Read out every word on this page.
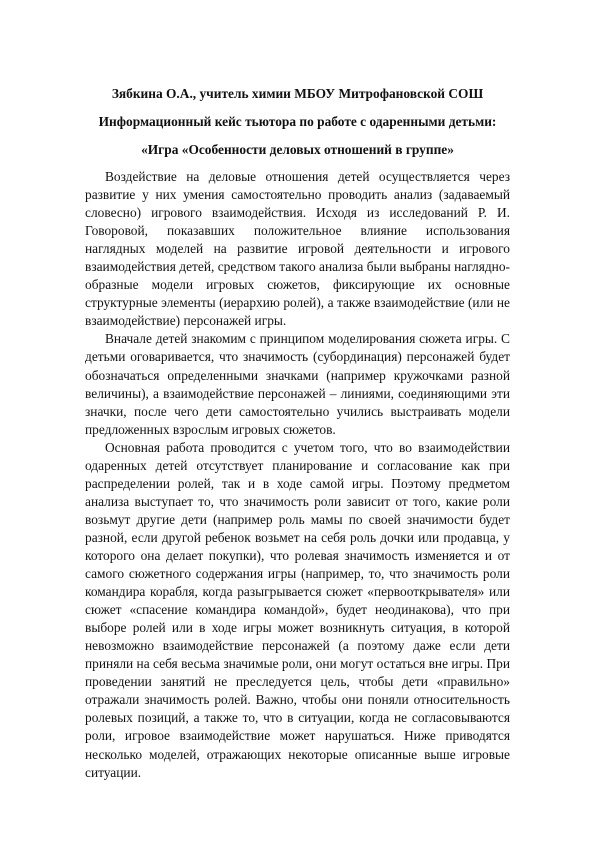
Зябкина О.А., учитель химии МБОУ Митрофановской СОШ

Информационный кейс тьютора по работе с одаренными детьми:

«Игра «Особенности деловых отношений в группе»

Воздействие на деловые отношения детей осуществляется через развитие у них умения самостоятельно проводить анализ (задаваемый словесно) игрового взаимодействия. Исходя из исследований Р. И. Говоровой, показавших положительное влияние использования наглядных моделей на развитие игровой деятельности и игрового взаимодействия детей, средством такого анализа были выбраны наглядно-образные модели игровых сюжетов, фиксирующие их основные структурные элементы (иерархию ролей), а также взаимодействие (или не взаимодействие) персонажей игры.

Вначале детей знакомим с принципом моделирования сюжета игры. С детьми оговаривается, что значимость (субординация) персонажей будет обозначаться определенными значками (например кружочками разной величины), а взаимодействие персонажей – линиями, соединяющими эти значки, после чего дети самостоятельно учились выстраивать модели предложенных взрослым игровых сюжетов.

Основная работа проводится с учетом того, что во взаимодействии одаренных детей отсутствует планирование и согласование как при распределении ролей, так и в ходе самой игры. Поэтому предметом анализа выступает то, что значимость роли зависит от того, какие роли возьмут другие дети (например роль мамы по своей значимости будет разной, если другой ребенок возьмет на себя роль дочки или продавца, у которого она делает покупки), что ролевая значимость изменяется и от самого сюжетного содержания игры (например, то, что значимость роли командира корабля, когда разыгрывается сюжет «первооткрывателя» или сюжет «спасение командира командой», будет неодинакова), что при выборе ролей или в ходе игры может возникнуть ситуация, в которой невозможно взаимодействие персонажей (а поэтому даже если дети приняли на себя весьма значимые роли, они могут остаться вне игры. При проведении занятий не преследуется цель, чтобы дети «правильно» отражали значимость ролей. Важно, чтобы они поняли относительность ролевых позиций, а также то, что в ситуации, когда не согласовываются роли, игровое взаимодействие может нарушаться. Ниже приводятся несколько моделей, отражающих некоторые описанные выше игровые ситуации.
